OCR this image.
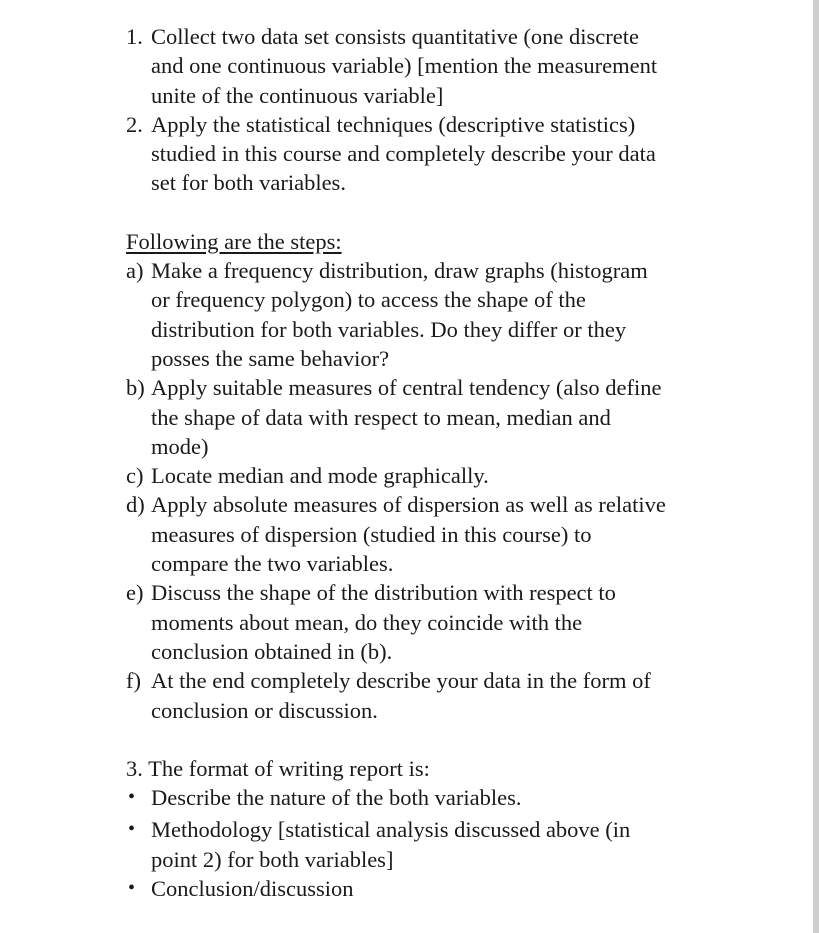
1. Collect two data set consists quantitative (one discrete
and one continuous variable) [mention the measurement
unite of the continuous variable]
2. Apply the statistical techniques (descriptive statistics)
studied in this course and completely describe your data
set for both variables.
Following are the steps:
a) Make a frequency distribution, draw graphs (histogram
or frequency polygon) to access the shape of the
distribution for both variables. Do they differ or they
posses the same behavior?
b) Apply suitable measures of central tendency (also define
the shape of data with respect to mean, median and
mode)
c) Locate median and mode graphically.
d) Apply absolute measures of dispersion as well as relative
measures of dispersion (studied in this course) to
compare the two variables.
e) Discuss the shape of the distribution with respect to
moments about mean, do they coincide with the
conclusion obtained in (b).
f) At the end completely describe your data in the form of
conclusion or discussion.
3. The format of writing report is:
• Describe the nature of the both variables.
• Methodology [statistical analysis discussed above (in
point 2) for both variables]
• Conclusion/discussion
